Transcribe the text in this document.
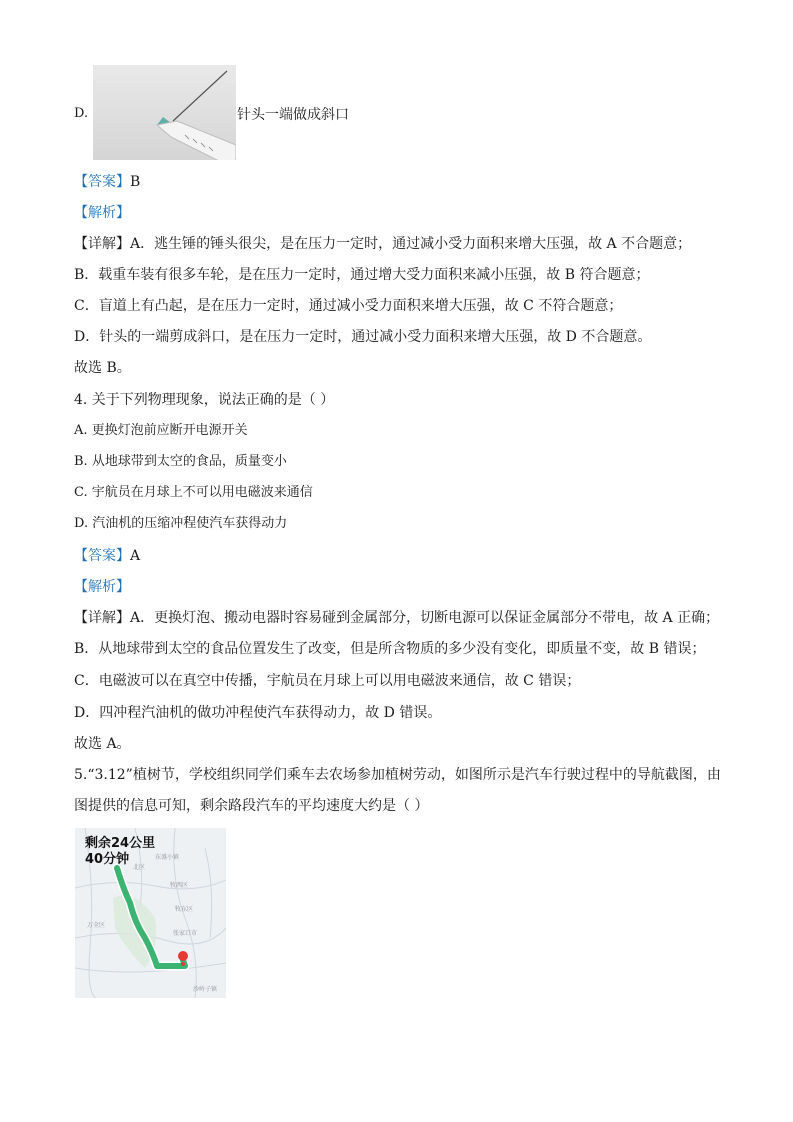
D.	针头一端做成斜口
【答案】B
【解析】
【详解】A．逃生锤的锤头很尖，是在压力一定时，通过减小受力面积来增大压强，故 A 不合题意；
B．载重车装有很多车轮，是在压力一定时，通过增大受力面积来减小压强，故 B 符合题意；
C．盲道上有凸起，是在压力一定时，通过减小受力面积来增大压强，故 C 不符合题意；
D．针头的一端剪成斜口，是在压力一定时，通过减小受力面积来增大压强，故 D 不合题意。
故选 B。
4. 关于下列物理现象，说法正确的是（ ）
A. 更换灯泡前应断开电源开关
B. 从地球带到太空的食品，质量变小
C. 宇航员在月球上不可以用电磁波来通信
D. 汽油机的压缩冲程使汽车获得动力
【答案】A
【解析】
【详解】A．更换灯泡、搬动电器时容易碰到金属部分，切断电源可以保证金属部分不带电，故 A 正确；
B．从地球带到太空的食品位置发生了改变，但是所含物质的多少没有变化，即质量不变，故 B 错误；
C．电磁波可以在真空中传播，宇航员在月球上可以用电磁波来通信，故 C 错误；
D．四冲程汽油机的做功冲程使汽车获得动力，故 D 错误。
故选 A。
5.“3.12”植树节，学校组织同学们乘车去农场参加植树劳动，如图所示是汽车行驶过程中的导航截图，由
图提供的信息可知，剩余路段汽车的平均速度大约是（ ）
剩余24公里
40分钟	东盛小镇
北区
牧西区
牧东区
万全区
张家口市
沙岭子镇
